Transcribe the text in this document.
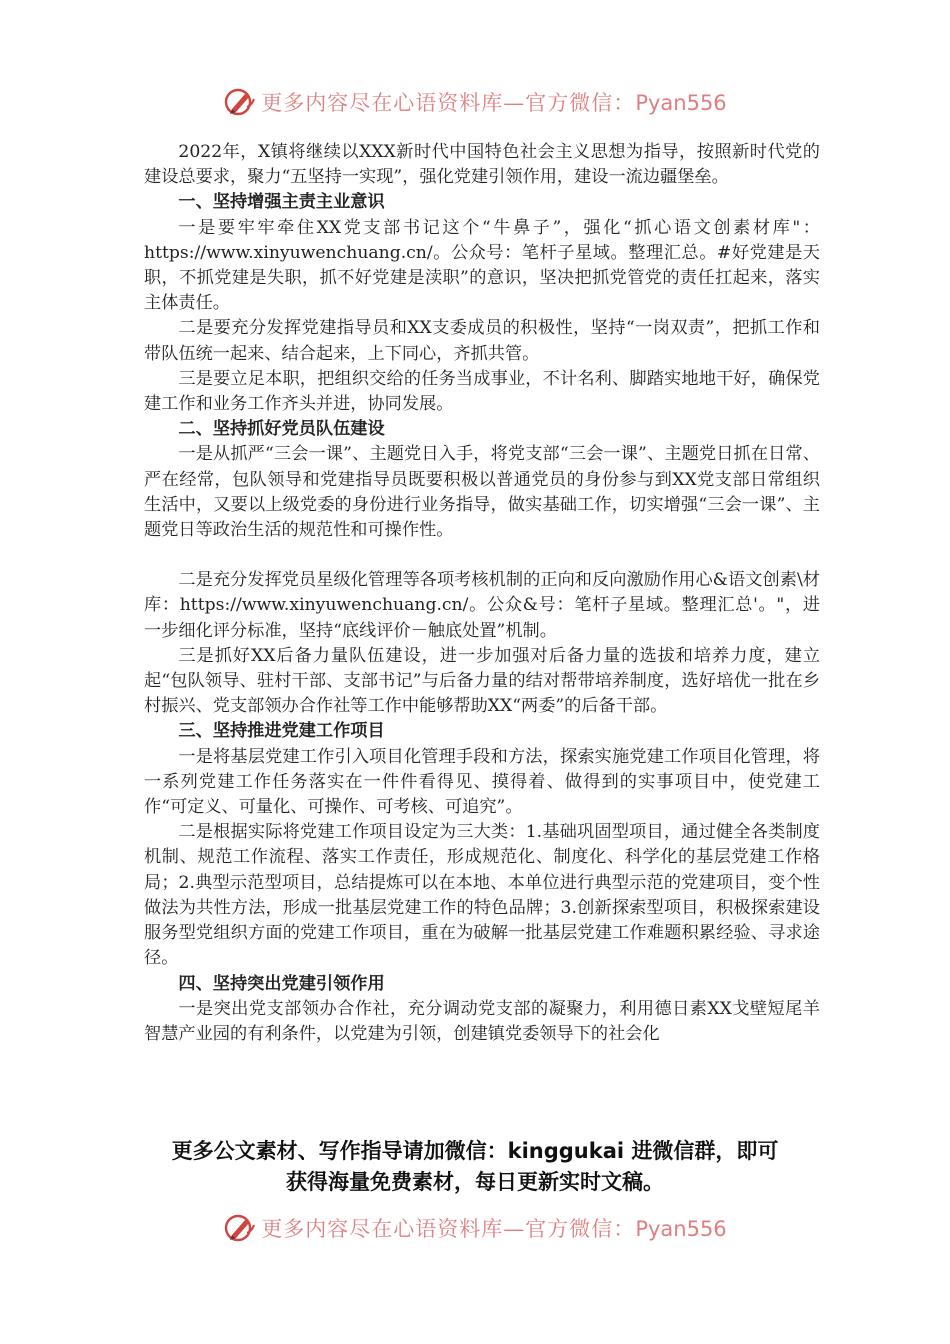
更多内容尽在心语资料库—官方微信：Pyan556

2022年，X镇将继续以XXX新时代中国特色社会主义思想为指导，按照新时代党的建设总要求，聚力“五坚持一实现”，强化党建引领作用，建设一流边疆堡垒。

一、坚持增强主责主业意识

一是要牢牢牵住XX党支部书记这个“牛鼻子”，强化“抓心语文创素材库"：https://www.xinyuwenchuang.cn/。公众号：笔杆子星域。整理汇总。#好党建是天职，不抓党建是失职，抓不好党建是渎职”的意识，坚决把抓党管党的责任扛起来，落实主体责任。

二是要充分发挥党建指导员和XX支委成员的积极性，坚持“一岗双责”，把抓工作和带队伍统一起来、结合起来，上下同心，齐抓共管。

三是要立足本职，把组织交给的任务当成事业，不计名利、脚踏实地地干好，确保党建工作和业务工作齐头并进，协同发展。

二、坚持抓好党员队伍建设

一是从抓严“三会一课”、主题党日入手，将党支部“三会一课”、主题党日抓在日常、严在经常，包队领导和党建指导员既要积极以普通党员的身份参与到XX党支部日常组织生活中，又要以上级党委的身份进行业务指导，做实基础工作，切实增强“三会一课”、主题党日等政治生活的规范性和可操作性。

二是充分发挥党员星级化管理等各项考核机制的正向和反向激励作用心&语文创素\材库：https://www.xinyuwenchuang.cn/。公众&号：笔杆子星域。整理汇总'。"，进一步细化评分标准，坚持“底线评价－触底处置”机制。

三是抓好XX后备力量队伍建设，进一步加强对后备力量的选拔和培养力度，建立起“包队领导、驻村干部、支部书记”与后备力量的结对帮带培养制度，选好培优一批在乡村振兴、党支部领办合作社等工作中能够帮助XX“两委”的后备干部。

三、坚持推进党建工作项目

一是将基层党建工作引入项目化管理手段和方法，探索实施党建工作项目化管理，将一系列党建工作任务落实在一件件看得见、摸得着、做得到的实事项目中，使党建工作“可定义、可量化、可操作、可考核、可追究”。

二是根据实际将党建工作项目设定为三大类：1.基础巩固型项目，通过健全各类制度机制、规范工作流程、落实工作责任，形成规范化、制度化、科学化的基层党建工作格局；2.典型示范型项目，总结提炼可以在本地、本单位进行典型示范的党建项目，变个性做法为共性方法，形成一批基层党建工作的特色品牌；3.创新探索型项目，积极探索建设服务型党组织方面的党建工作项目，重在为破解一批基层党建工作难题积累经验、寻求途径。

四、坚持突出党建引领作用

一是突出党支部领办合作社，充分调动党支部的凝聚力，利用德日素XX戈壁短尾羊智慧产业园的有利条件，以党建为引领，创建镇党委领导下的社会化

更多公文素材、写作指导请加微信：kinggukai 进微信群，即可
获得海量免费素材，每日更新实时文稿。
更多内容尽在心语资料库—官方微信：Pyan556
